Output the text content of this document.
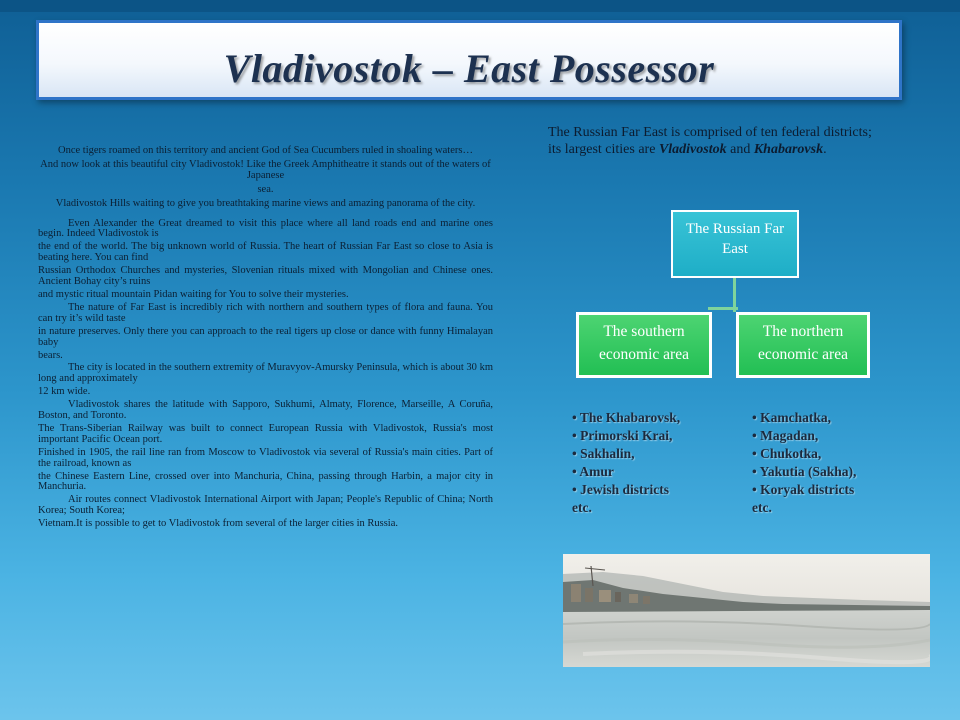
Vladivostok – East Possessor

Once tigers roamed on this territory and ancient God of Sea Cucumbers ruled in shoaling waters…

And now look at this beautiful city Vladivostok! Like the Greek Amphitheatre it stands out of the waters of Japanese

sea.

Vladivostok Hills waiting to give you breathtaking marine views and amazing panorama of the city.

Even Alexander the Great dreamed to visit this place where all land roads end and marine ones begin. Indeed Vladivostok is

the end of the world. The big unknown world of Russia. The heart of Russian Far East so close to Asia is beating here. You can find

Russian Orthodox Churches and mysteries, Slovenian rituals mixed with Mongolian and Chinese ones. Ancient Bohay city’s ruins

and mystic ritual mountain Pidan waiting for You to solve their mysteries.

The nature of Far East is incredibly rich with northern and southern types of flora and fauna. You can try it’s wild taste

in nature preserves. Only there you can approach to the real tigers up close or dance with funny Himalayan baby

bears.

The city is located in the southern extremity of Muravyov-Amursky Peninsula, which is about 30 km long and approximately

12 km wide.

Vladivostok shares the latitude with Sapporo, Sukhumi, Almaty, Florence, Marseille, A Coruña, Boston, and Toronto.

The Trans-Siberian Railway was built to connect European Russia with Vladivostok, Russia's most important Pacific Ocean port.

Finished in 1905, the rail line ran from Moscow to Vladivostok via several of Russia's main cities. Part of the railroad, known as

the Chinese Eastern Line, crossed over into Manchuria, China, passing through Harbin, a major city in Manchuria.

Air routes connect Vladivostok International Airport with Japan; People's Republic of China; North Korea; South Korea;

Vietnam.It is possible to get to Vladivostok from several of the larger cities in Russia.

The Russian Far East is comprised of ten federal districts; its largest cities are Vladivostok and Khabarovsk.
The Russian Far East
The southern economic area
The northern economic area
• The Khabarovsk,
• Primorski Krai,
• Sakhalin,
• Amur
• Jewish districts
etc.
• Kamchatka,
• Magadan,
• Chukotka,
• Yakutia (Sakha),
• Koryak districts
etc.
